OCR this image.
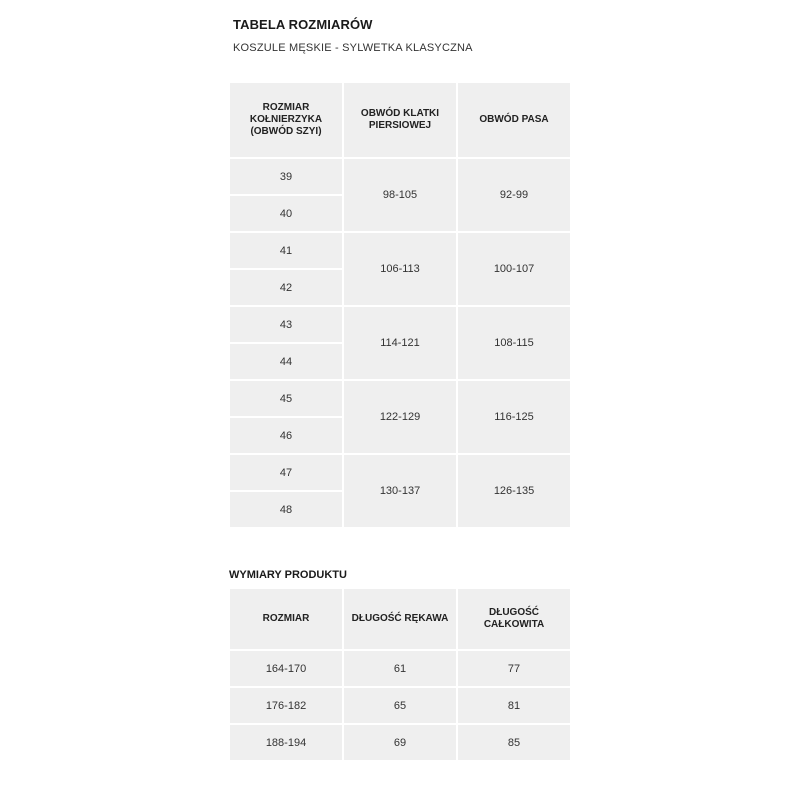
TABELA ROZMIARÓW
KOSZULE MĘSKIE - SYLWETKA KLASYCZNA
ROZMIAR KOŁNIERZYKA (OBWÓD SZYI)	OBWÓD KLATKI PIERSIOWEJ	OBWÓD PASA
39	98-105	92-99
40		
41	106-113	100-107
42		
43	114-121	108-115
44		
45	122-129	116-125
46		
47	130-137	126-135
48		
WYMIARY PRODUKTU
ROZMIAR	DŁUGOŚĆ RĘKAWA	DŁUGOŚĆ CAŁKOWITA
164-170	61	77
176-182	65	81
188-194	69	85
